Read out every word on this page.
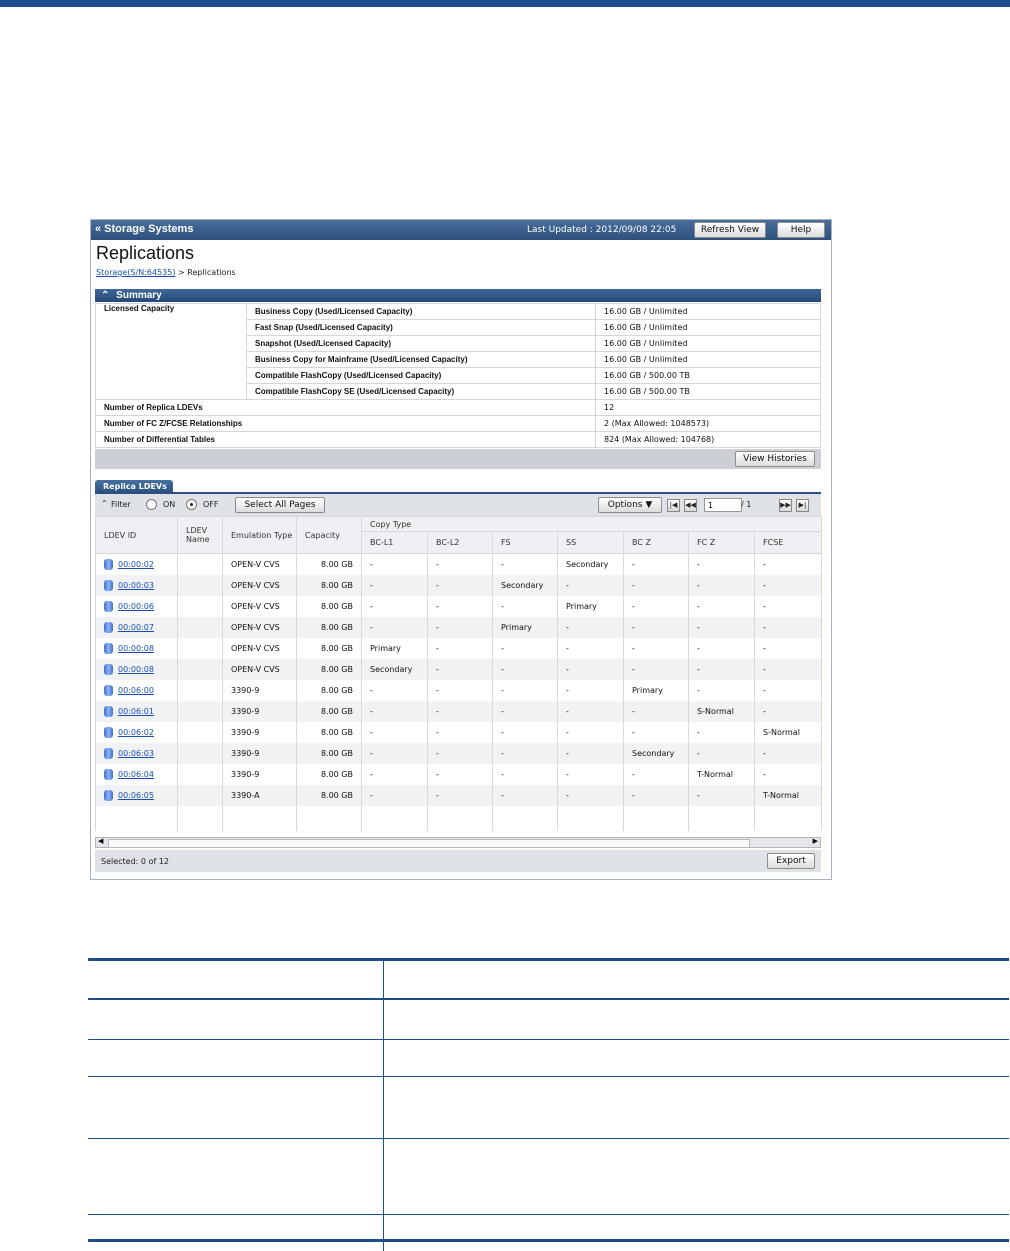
« Storage Systems	Last Updated : 2012/09/08 22:05	Refresh View	Help
Replications
Storage(S/N:64535) > Replications
⌃ Summary
Licensed Capacity	Business Copy (Used/Licensed Capacity)	16.00 GB / Unlimited
	Fast Snap (Used/Licensed Capacity)	16.00 GB / Unlimited
	Snapshot (Used/Licensed Capacity)	16.00 GB / Unlimited
	Business Copy for Mainframe (Used/Licensed Capacity)	16.00 GB / Unlimited
	Compatible FlashCopy (Used/Licensed Capacity)	16.00 GB / 500.00 TB
	Compatible FlashCopy SE (Used/Licensed Capacity)	16.00 GB / 500.00 TB
Number of Replica LDEVs		12
Number of FC Z/FCSE Relationships		2 (Max Allowed: 1048573)
Number of Differential Tables		824 (Max Allowed: 104768)
View Histories
Replica LDEVs
⌃ Filter	ON	OFF	Select All Pages	Options ▼	|◀	◀◀
1	/ 1	▶▶	▶|
LDEV ID	LDEV Name	Emulation Type	Capacity	Copy Type						
				BC-L1	BC-L2	FS	SS	BC Z	FC Z	FCSE
00:00:02		OPEN-V CVS	8.00 GB	-	-	-	Secondary	-	-	-
00:00:03		OPEN-V CVS	8.00 GB	-	-	Secondary	-	-	-	-
00:00:06		OPEN-V CVS	8.00 GB	-	-	-	Primary	-	-	-
00:00:07		OPEN-V CVS	8.00 GB	-	-	Primary	-	-	-	-
00:00:08		OPEN-V CVS	8.00 GB	Primary	-	-	-	-	-	-
00:00:08		OPEN-V CVS	8.00 GB	Secondary	-	-	-	-	-	-
00:06:00		3390-9	8.00 GB	-	-	-	-	Primary	-	-
00:06:01		3390-9	8.00 GB	-	-	-	-	-	S-Normal	-
00:06:02		3390-9	8.00 GB	-	-	-	-	-	-	S-Normal
00:06:03		3390-9	8.00 GB	-	-	-	-	Secondary	-	-
00:06:04		3390-9	8.00 GB	-	-	-	-	-	T-Normal	-
00:06:05		3390-A	8.00 GB	-	-	-	-	-	-	T-Normal

◀	▶
Selected: 0 of 12	Export
